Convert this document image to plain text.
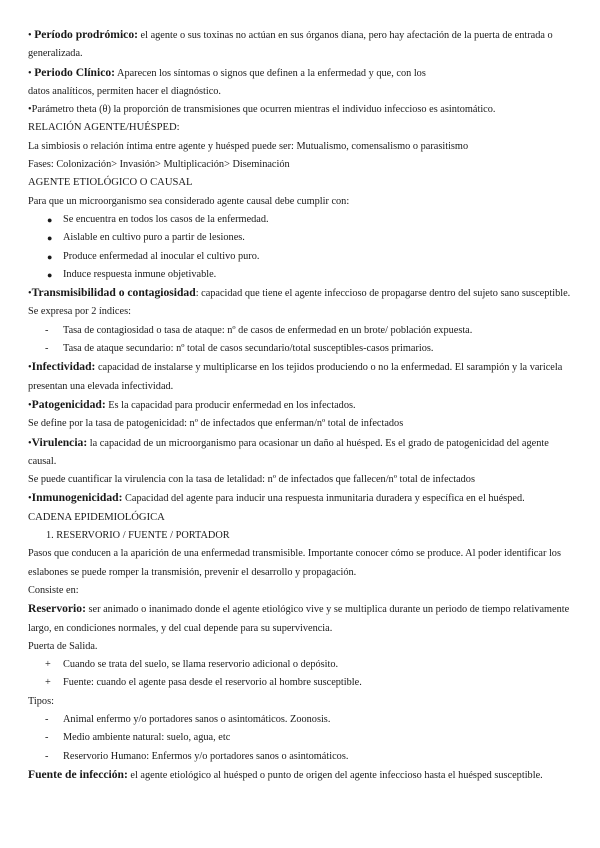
• Período prodrómico: el agente o sus toxinas no actúan en sus órganos diana, pero hay afectación de la puerta de entrada o generalizada.
• Periodo Clínico: Aparecen los síntomas o signos que definen a la enfermedad y que, con los
datos analíticos, permiten hacer el diagnóstico.
•Parámetro theta (θ) la proporción de transmisiones que ocurren mientras el individuo infeccioso es asintomático.
RELACIÓN AGENTE/HUÉSPED:
La simbiosis o relación íntima entre agente y huésped puede ser: Mutualismo, comensalismo o parasitismo
Fases: Colonización> Invasión> Multiplicación> Diseminación
AGENTE ETIOLÓGICO O CAUSAL
Para que un microorganismo sea considerado agente causal debe cumplir con:
● Se encuentra en todos los casos de la enfermedad.
● Aislable en cultivo puro a partir de lesiones.
● Produce enfermedad al inocular el cultivo puro.
● Induce respuesta inmune objetivable.
•Transmisibilidad o contagiosidad: capacidad que tiene el agente infeccioso de propagarse dentro del sujeto sano susceptible. Se expresa por 2 índices:
- Tasa de contagiosidad o tasa de ataque: nº de casos de enfermedad en un brote/ población expuesta.
- Tasa de ataque secundario: nº total de casos secundario/total susceptibles-casos primarios.
•Infectividad: capacidad de instalarse y multiplicarse en los tejidos produciendo o no la enfermedad. El sarampión y la varicela presentan una elevada infectividad.
•Patogenicidad: Es la capacidad para producir enfermedad en los infectados.
Se define por la tasa de patogenicidad: nº de infectados que enferman/nº total de infectados
•Virulencia: la capacidad de un microorganismo para ocasionar un daño al huésped. Es el grado de patogenicidad del agente causal.
Se puede cuantificar la virulencia con la tasa de letalidad: nº de infectados que fallecen/nº total de infectados
•Inmunogenicidad: Capacidad del agente para inducir una respuesta inmunitaria duradera y específica en el huésped.
CADENA EPIDEMIOLÓGICA
1. RESERVORIO / FUENTE / PORTADOR
Pasos que conducen a la aparición de una enfermedad transmisible. Importante conocer cómo se produce. Al poder identificar los eslabones se puede romper la transmisión, prevenir el desarrollo y propagación.
Consiste en:
Reservorio: ser animado o inanimado donde el agente etiológico vive y se multiplica durante un periodo de tiempo relativamente largo, en condiciones normales, y del cual depende para su supervivencia.
Puerta de Salida.
+ Cuando se trata del suelo, se llama reservorio adicional o depósito.
+ Fuente: cuando el agente pasa desde el reservorio al hombre susceptible.
Tipos:
- Animal enfermo y/o portadores sanos o asintomáticos. Zoonosis.
- Medio ambiente natural: suelo, agua, etc
- Reservorio Humano: Enfermos y/o portadores sanos o asintomáticos.
Fuente de infección: el agente etiológico al huésped o punto de origen del agente infeccioso hasta el huésped susceptible.
